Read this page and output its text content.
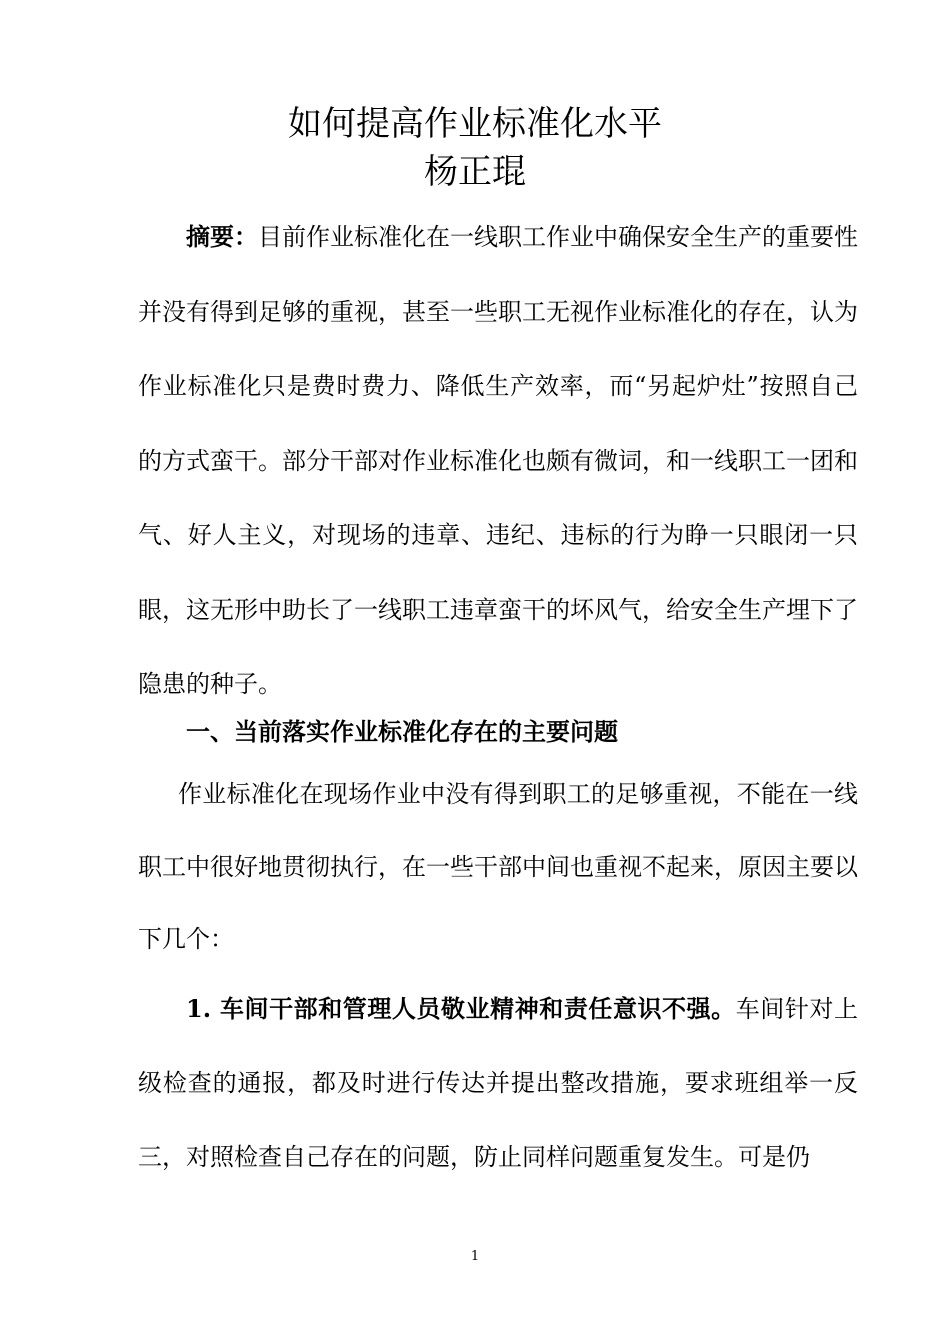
如何提高作业标准化水平
杨正琨

摘要：目前作业标准化在一线职工作业中确保安全生产的重要性并没有得到足够的重视，甚至一些职工无视作业标准化的存在，认为作业标准化只是费时费力、降低生产效率，而“另起炉灶”按照自己的方式蛮干。部分干部对作业标准化也颇有微词，和一线职工一团和气、好人主义，对现场的违章、违纪、违标的行为睁一只眼闭一只眼，这无形中助长了一线职工违章蛮干的坏风气，给安全生产埋下了隐患的种子。

一、当前落实作业标准化存在的主要问题

作业标准化在现场作业中没有得到职工的足够重视，不能在一线职工中很好地贯彻执行，在一些干部中间也重视不起来，原因主要以下几个：

1. 车间干部和管理人员敬业精神和责任意识不强。车间针对上级检查的通报，都及时进行传达并提出整改措施，要求班组举一反三，对照检查自己存在的问题，防止同样问题重复发生。可是仍

1
